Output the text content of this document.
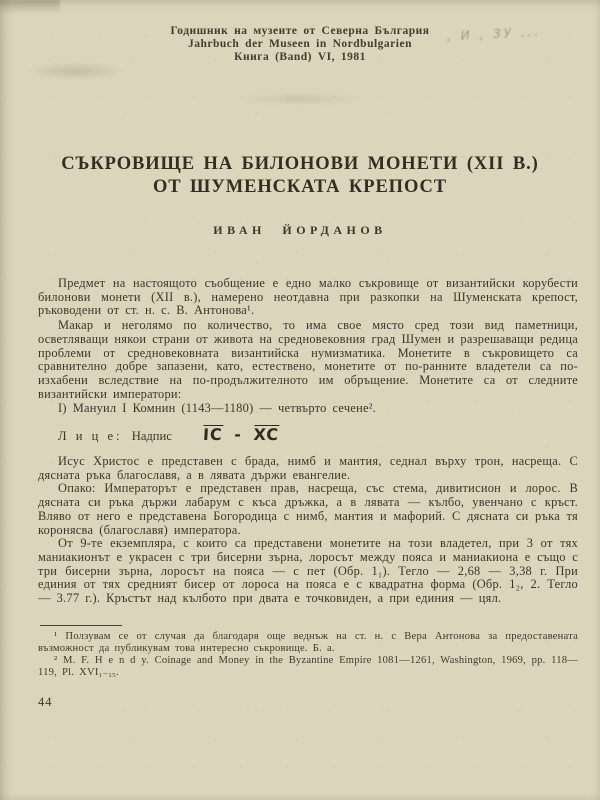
, И , ЗУ ...
Годишник на музеите от Северна България
Jahrbuch der Museen in Nordbulgarien
Книга (Band) VI, 1981
СЪКРОВИЩЕ НА БИЛОНОВИ МОНЕТИ (XII В.)
ОТ ШУМЕНСКАТА КРЕПОСТ
ИВАН ЙОРДАНОВ

Предмет на настоящото съобщение е едно малко съкровище от византийски корубести билонови монети (XII в.), намерено неотдавна при разкопки на Шуменската крепост, ръководени от ст. н. с. В. Антонова¹.

Макар и неголямо по количество, то има свое място сред този вид паметници, осветляващи някои страни от живота на средновековния град Шумен и разрешаващи редица проблеми от средновековната византийска нумизматика. Монетите в съкровището са сравнително добре запазени, като, естествено, монетите от по-ранните владетели са по-изхабени вследствие на по-продължителното им обръщение. Монетите са от следните византийски императори:

I) Мануил I Комнин (1143—1180) — четвърто сечене².

Л и ц е: Надпис IC - XC

Исус Христос е представен с брада, нимб и мантия, седнал върху трон, насреща. С дясната ръка благославя, а в лявата държи евангелие.

Опако: Императорът е представен прав, насреща, със стема, дивитисион и лорос. В дясната си ръка държи лабарум с къса дръжка, а в лявата — кълбо, увенчано с кръст. Вляво от него е представена Богородица с нимб, мантия и мафорий. С дясната си ръка тя коронясва (благославя) императора.

От 9-те екземпляра, с които са представени монетите на този владетел, при 3 от тях маниакионът е украсен с три бисерни зърна, лоросът между пояса и маниакиона е също с три бисерни зърна, лоросът на пояса — с пет (Обр. 1₁). Тегло — 2,68 — 3,38 г. При единия от тях средният бисер от лороса на пояса е с квадратна форма (Обр. 1₂, 2. Тегло — 3.77 г.). Кръстът над кълбото при двата е точковиден, а при единия — цял.

¹ Ползувам се от случая да благодаря още веднъж на ст. н. с Вера Антонова за предоставената възможност да публикувам това интересно съкровище. Б. а.

² M. F. H e n d y. Coinage and Money in the Byzantine Empire 1081—1261, Washington, 1969, pp. 118—119, Pl. XVI₁₋₁₅.

44
